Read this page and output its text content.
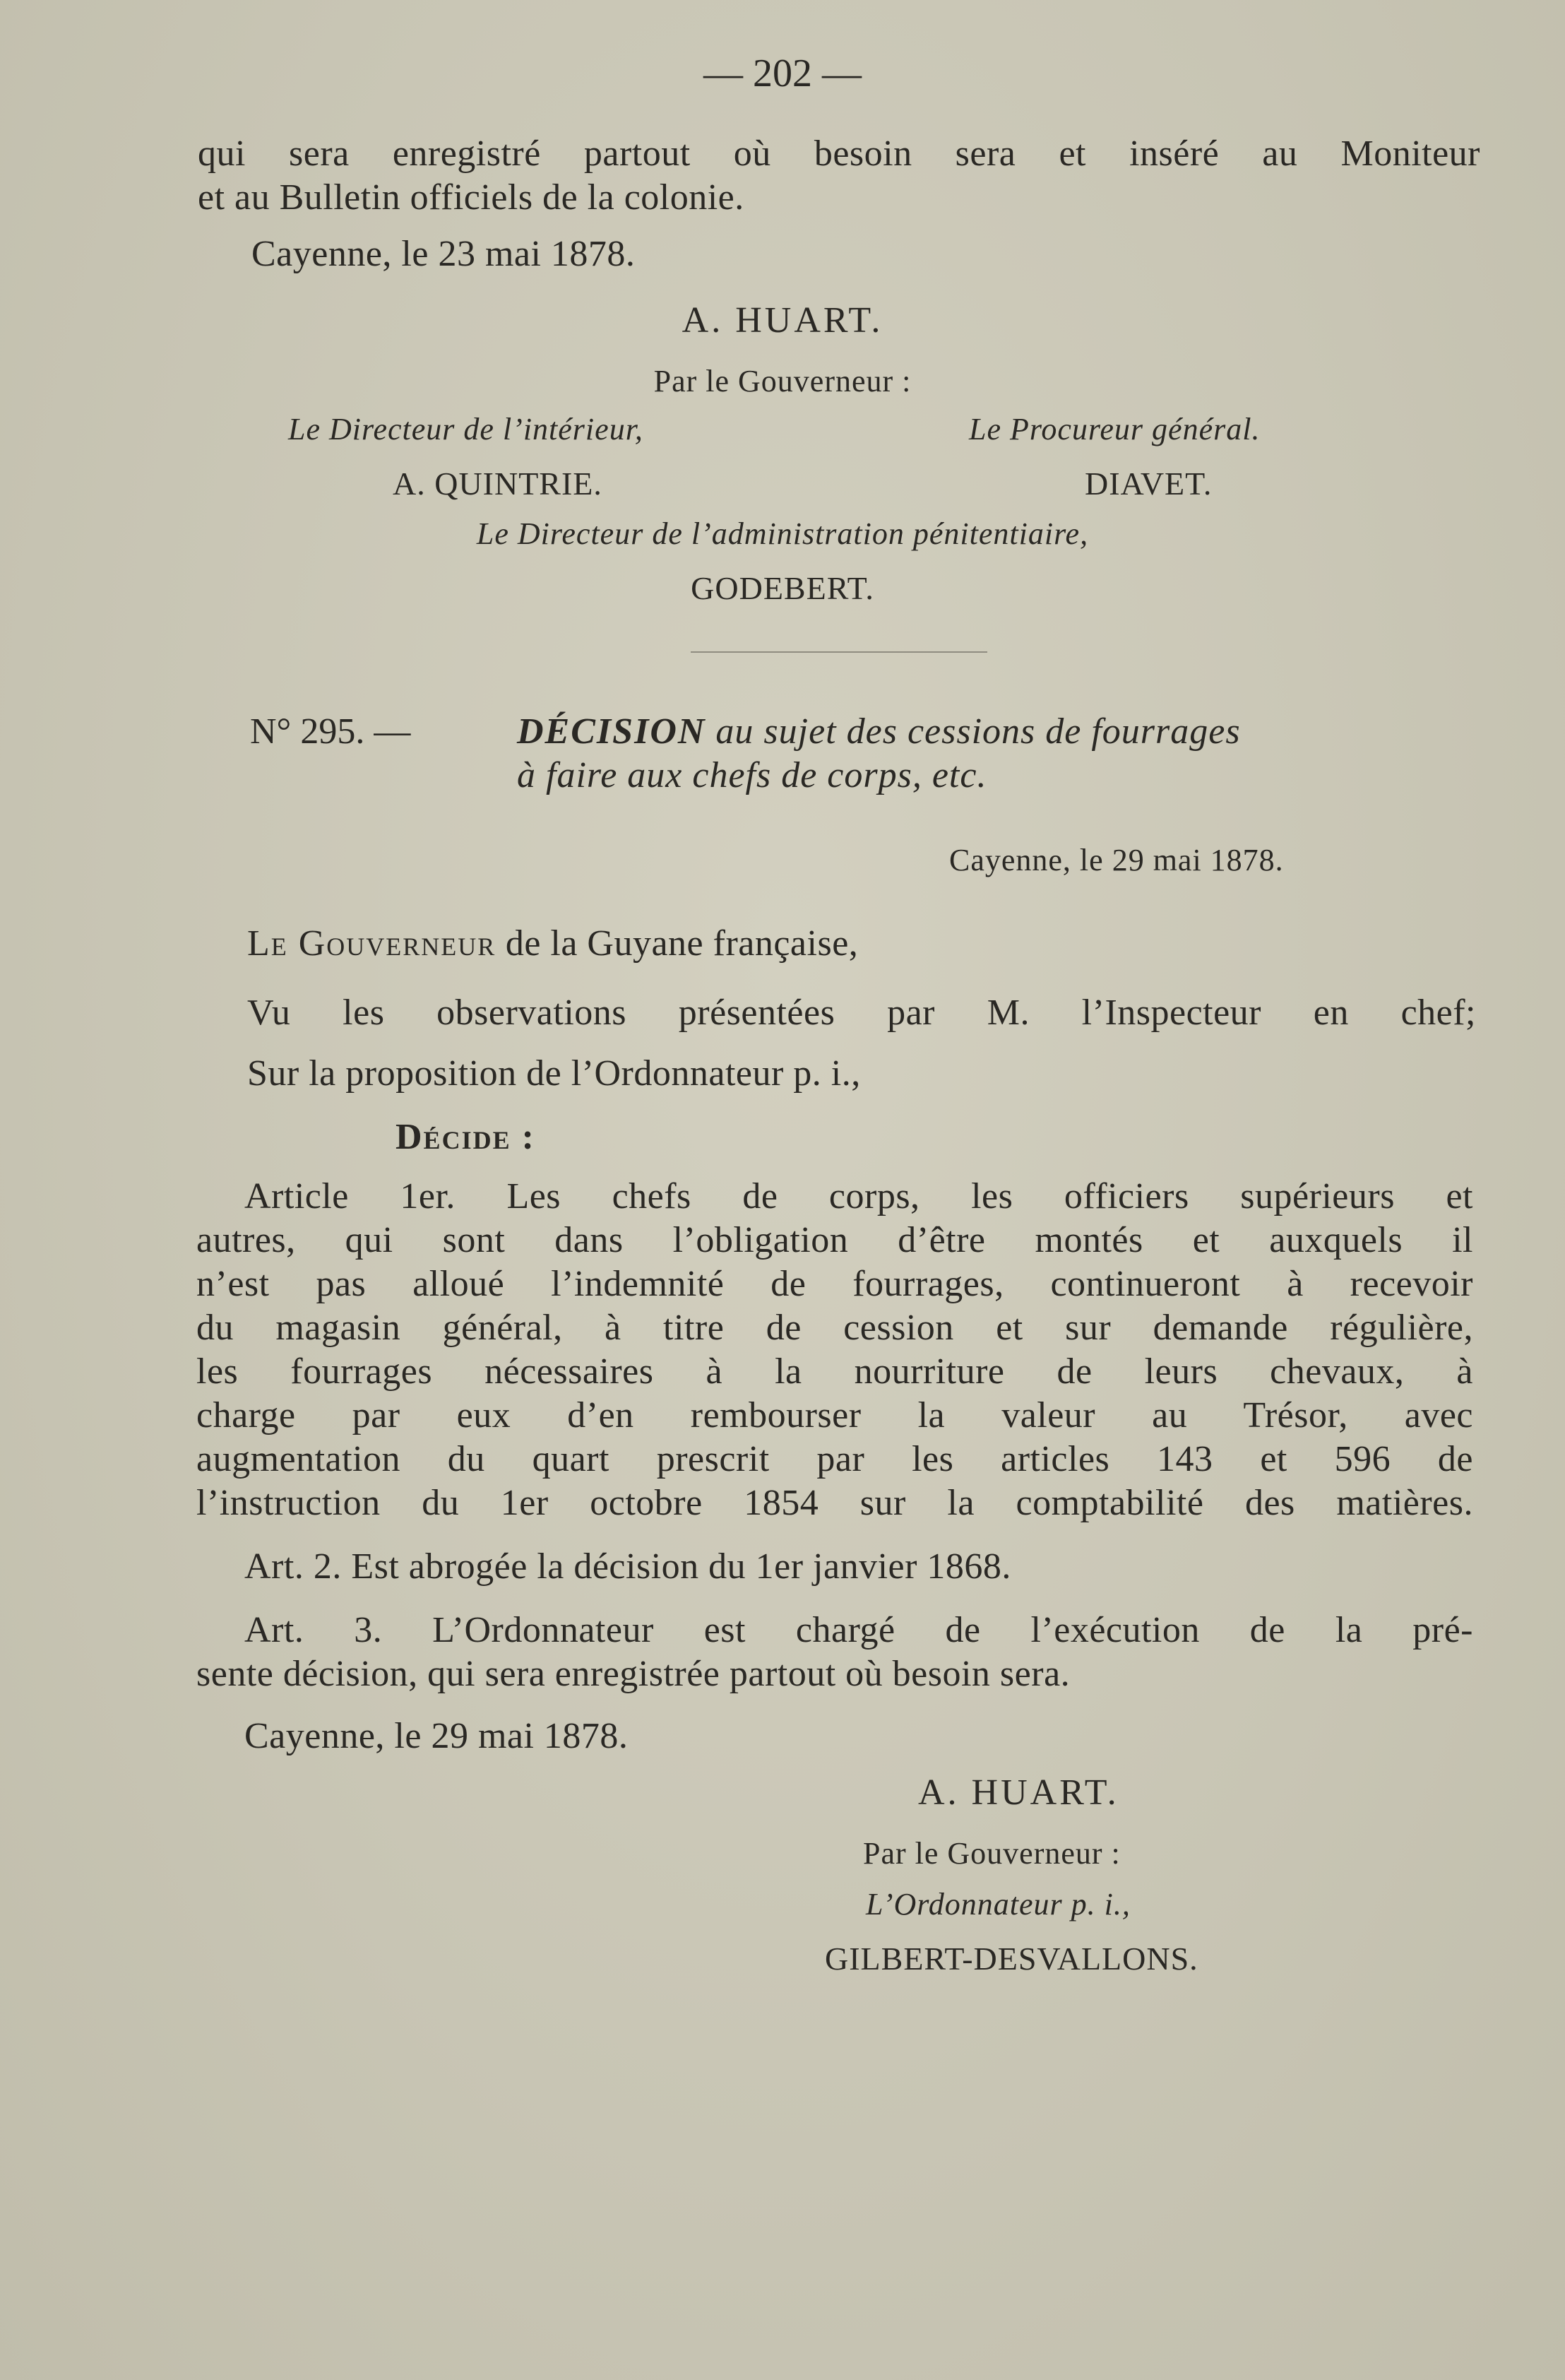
— 202 —
qui sera enregistré partout où besoin sera et inséré au Moniteur
et au Bulletin officiels de la colonie.
Cayenne, le 23 mai 1878.
A. HUART.
Par le Gouverneur :
Le Directeur de l’intérieur,	Le Procureur général.
A. QUINTRIE.	DIAVET.
Le Directeur de l’administration pénitentiaire,
GODEBERT.
N° 295. —	DÉCISION au sujet des cessions de fourrages
à faire aux chefs de corps, etc.
Cayenne, le 29 mai 1878.
Le Gouverneur de la Guyane française,
Vu les observations présentées par M. l’Inspecteur en chef;
Sur la proposition de l’Ordonnateur p. i.,
Décide :
Article 1er. Les chefs de corps, les officiers supérieurs et
autres, qui sont dans l’obligation d’être montés et auxquels il
n’est pas alloué l’indemnité de fourrages, continueront à recevoir
du magasin général, à titre de cession et sur demande régulière,
les fourrages nécessaires à la nourriture de leurs chevaux, à
charge par eux d’en rembourser la valeur au Trésor, avec
augmentation du quart prescrit par les articles 143 et 596 de
l’instruction du 1er octobre 1854 sur la comptabilité des matières.
Art. 2. Est abrogée la décision du 1er janvier 1868.
Art. 3. L’Ordonnateur est chargé de l’exécution de la pré-
sente décision, qui sera enregistrée partout où besoin sera.
Cayenne, le 29 mai 1878.
A. HUART.
Par le Gouverneur :
L’Ordonnateur p. i.,
GILBERT-DESVALLONS.
